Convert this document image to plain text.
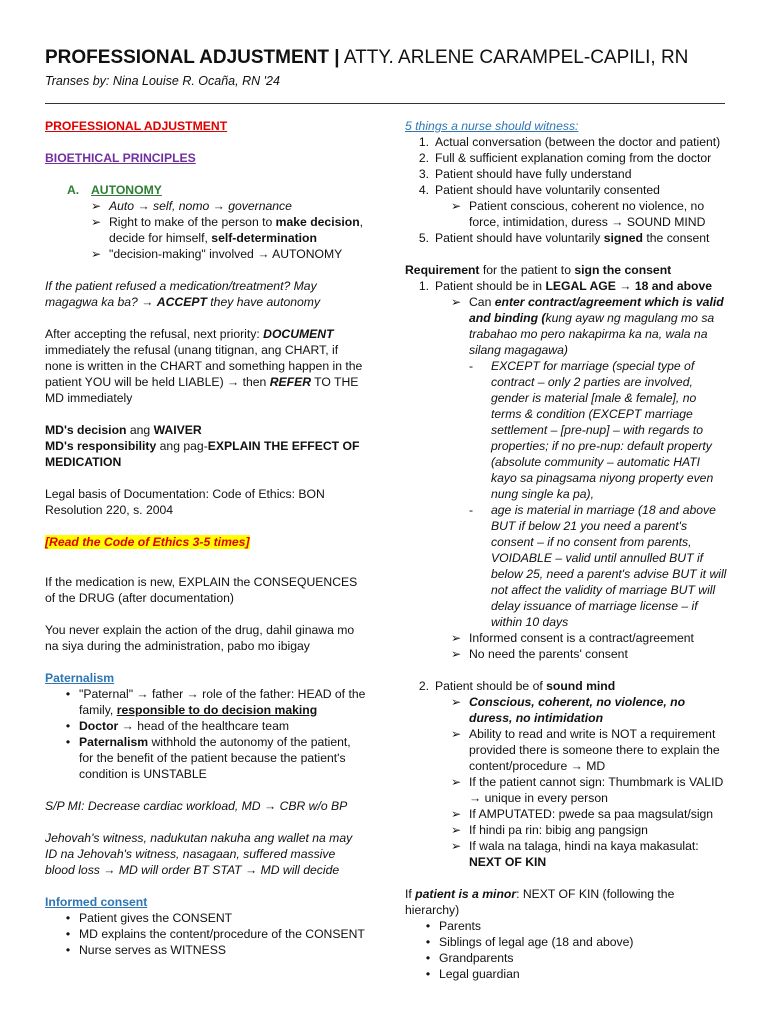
PROFESSIONAL ADJUSTMENT | ATTY. ARLENE CARAMPEL-CAPILI, RN
Transes by: Nina Louise R. Ocaña, RN '24

PROFESSIONAL ADJUSTMENT

BIOETHICAL PRINCIPLES

A. AUTONOMY
➢ Auto → self, nomo → governance
➢ Right to make of the person to make decision, decide for himself, self-determination
➢ "decision-making" involved → AUTONOMY

If the patient refused a medication/treatment? May magagwa ka ba? → ACCEPT they have autonomy

After accepting the refusal, next priority: DOCUMENT immediately the refusal (unang titignan, ang CHART, if none is written in the CHART and something happen in the patient YOU will be held LIABLE) → then REFER TO THE MD immediately

MD's decision ang WAIVER

MD's responsibility ang pag-EXPLAIN THE EFFECT OF MEDICATION

Legal basis of Documentation: Code of Ethics: BON Resolution 220, s. 2004

[Read the Code of Ethics 3-5 times]

If the medication is new, EXPLAIN the CONSEQUENCES of the DRUG (after documentation)

You never explain the action of the drug, dahil ginawa mo na siya during the administration, pabo mo ibigay

Paternalism

• "Paternal" → father → role of the father: HEAD of the family, responsible to do decision making
• Doctor → head of the healthcare team
• Paternalism withhold the autonomy of the patient, for the benefit of the patient because the patient's condition is UNSTABLE

S/P MI: Decrease cardiac workload, MD → CBR w/o BP

Jehovah's witness, nadukutan nakuha ang wallet na may ID na Jehovah's witness, nasagaan, suffered massive blood loss → MD will order BT STAT → MD will decide

Informed consent

• Patient gives the CONSENT
• MD explains the content/procedure of the CONSENT
• Nurse serves as WITNESS

5 things a nurse should witness:

1. Actual conversation (between the doctor and patient)
2. Full & sufficient explanation coming from the doctor
3. Patient should have fully understand
4. Patient should have voluntarily consented
➢ Patient conscious, coherent no violence, no force, intimidation, duress → SOUND MIND
5. Patient should have voluntarily signed the consent

Requirement for the patient to sign the consent

1. Patient should be in LEGAL AGE → 18 and above
➢ Can enter contract/agreement which is valid and binding (kung ayaw ng magulang mo sa trabahao mo pero nakapirma ka na, wala na silang magagawa)
-	EXCEPT for marriage (special type of contract – only 2 parties are involved, gender is material [male & female], no terms & condition (EXCEPT marriage settlement – [pre-nup] – with regards to properties; if no pre-nup: default property (absolute community – automatic HATI kayo sa pinagsama niyong property even nung single ka pa),
-	age is material in marriage (18 and above BUT if below 21 you need a parent's consent – if no consent from parents, VOIDABLE – valid until annulled BUT if below 25, need a parent's advise BUT it will not affect the validity of marriage BUT will delay issuance of marriage license – if within 10 days
➢ Informed consent is a contract/agreement
➢ No need the parents' consent
2. Patient should be of sound mind
➢ Conscious, coherent, no violence, no duress, no intimidation
➢ Ability to read and write is NOT a requirement provided there is someone there to explain the content/procedure → MD
➢ If the patient cannot sign: Thumbmark is VALID
→ unique in every person
➢ If AMPUTATED: pwede sa paa magsulat/sign
➢ If hindi pa rin: bibig ang pangsign
➢ If wala na talaga, hindi na kaya makasulat: NEXT OF KIN

If patient is a minor: NEXT OF KIN (following the hierarchy)

• Parents
• Siblings of legal age (18 and above)
• Grandparents
• Legal guardian
